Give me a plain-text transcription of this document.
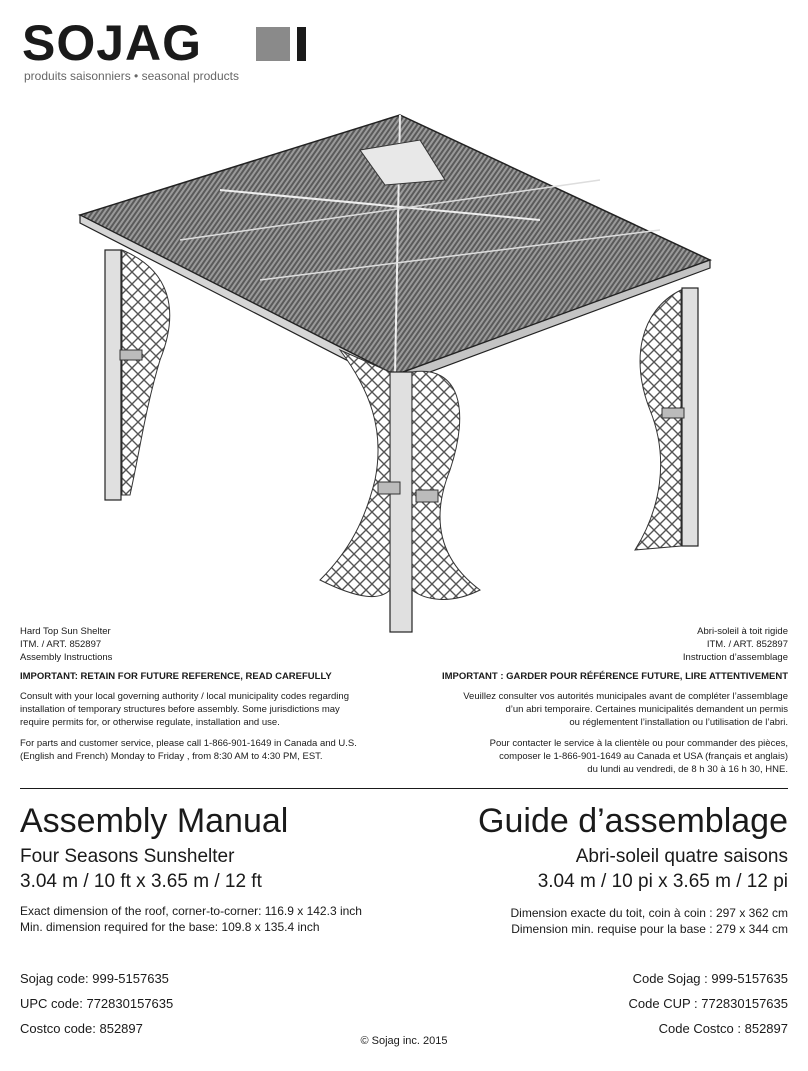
SOJAG
produits saisonniers • seasonal products
Hard Top Sun Shelter
ITM. / ART. 852897
Assembly Instructions
Abri-soleil à toit rigide
ITM. / ART. 852897
Instruction d’assemblage
IMPORTANT: RETAIN FOR FUTURE REFERENCE, READ CAREFULLY	IMPORTANT : GARDER POUR RÉFÉRENCE FUTURE, LIRE ATTENTIVEMENT
Consult with your local governing authority / local municipality codes regarding
installation of temporary structures before assembly. Some jurisdictions may
require permits for, or otherwise regulate, installation and use.
Veuillez consulter vos autorités municipales avant de compléter l’assemblage
d’un abri temporaire. Certaines municipalités demandent un permis
ou réglementent l’installation ou l’utilisation de l’abri.
For parts and customer service, please call 1-866-901-1649 in Canada and U.S.
(English and French) Monday to Friday , from 8:30 AM to 4:30 PM, EST.
Pour contacter le service à la clientèle ou pour commander des pièces,
composer le 1-866-901-1649 au Canada et USA (français et anglais)
du lundi au vendredi, de 8 h 30 à 16 h 30, HNE.
Assembly Manual	Guide d’assemblage
Four Seasons Sunshelter	Abri-soleil quatre saisons
3.04 m / 10 ft x 3.65 m / 12 ft	3.04 m / 10 pi x 3.65 m / 12 pi
Exact dimension of the roof, corner-to-corner: 116.9 x 142.3 inch
Min. dimension required for the base: 109.8 x 135.4 inch
Dimension exacte du toit, coin à coin : 297 x 362 cm
Dimension min. requise pour la base : 279 x 344 cm
Sojag code: 999-5157635
UPC code: 772830157635
Costco code: 852897
Code Sojag : 999-5157635
Code CUP : 772830157635
Code Costco : 852897
© Sojag inc. 2015
